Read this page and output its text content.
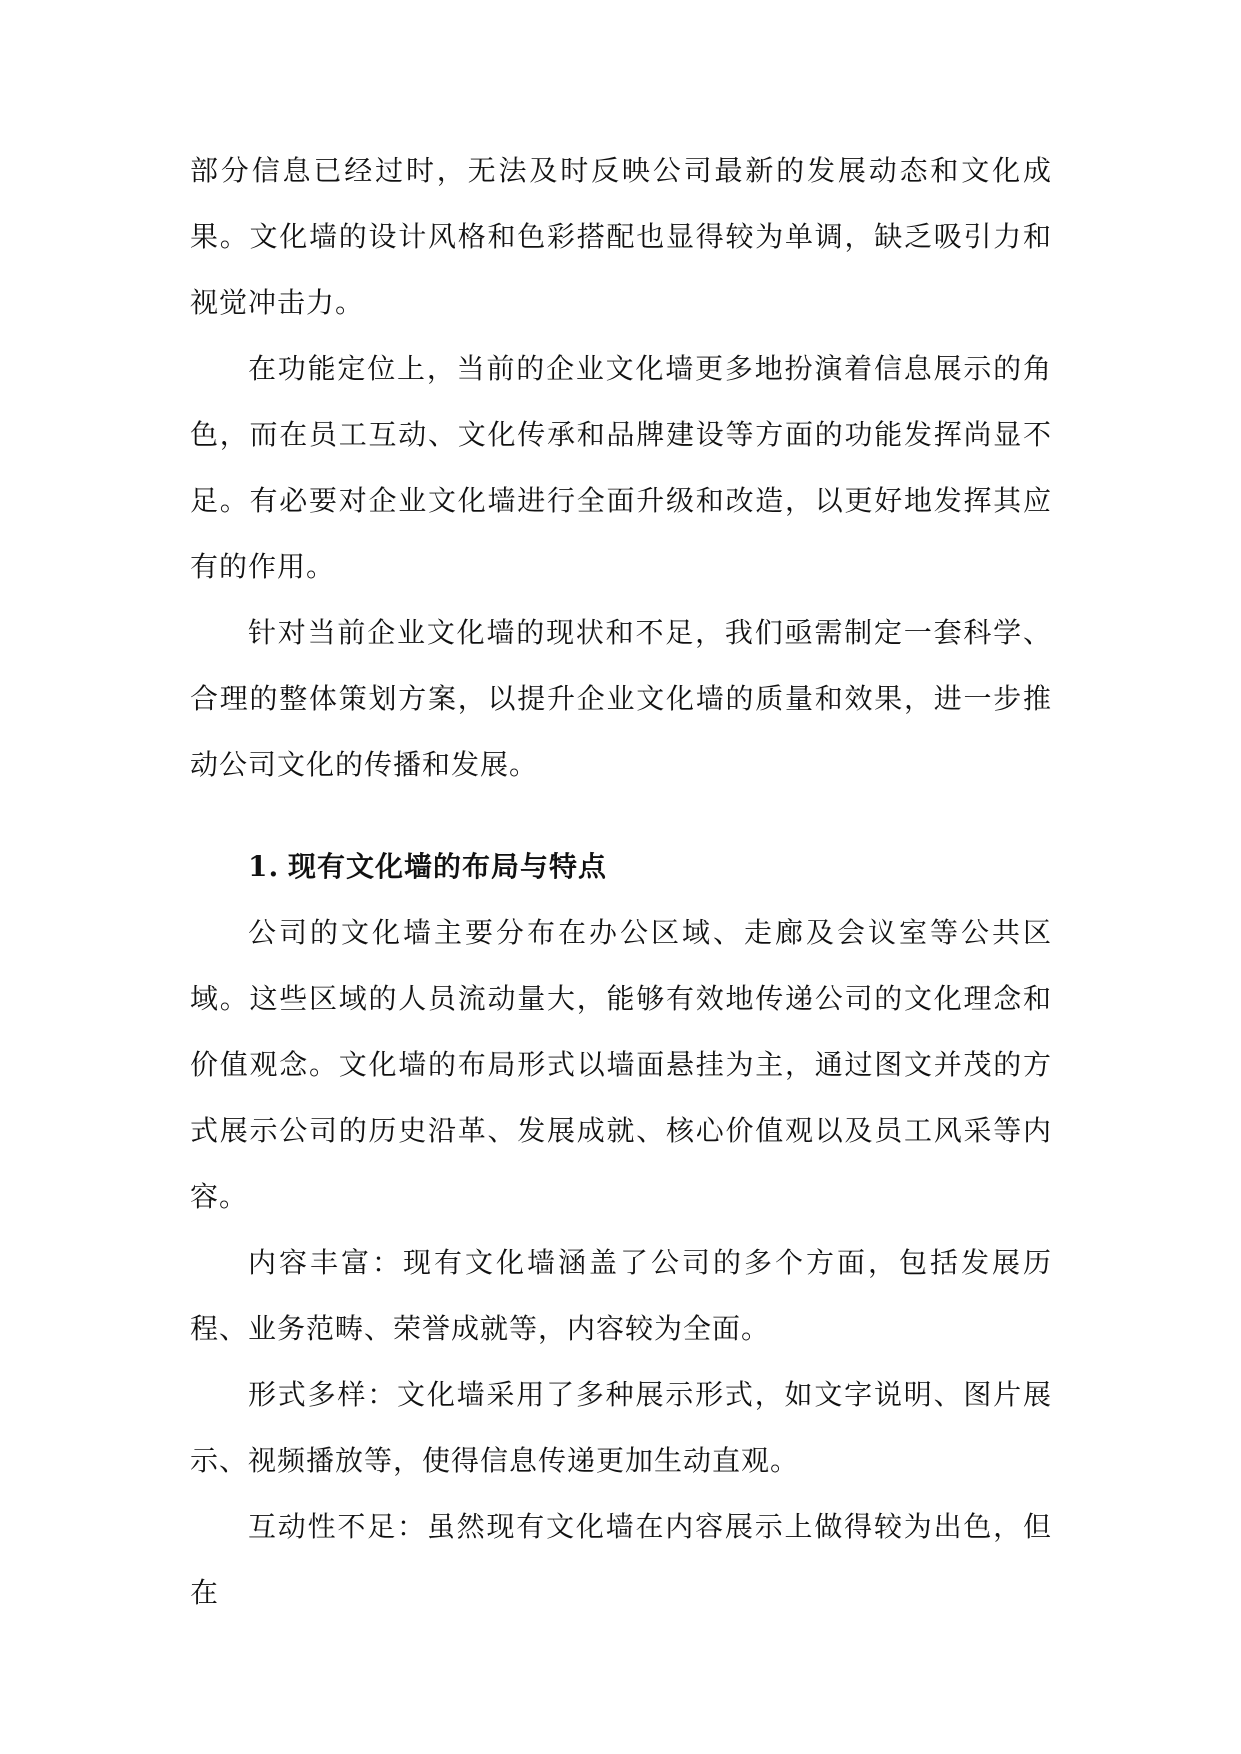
部分信息已经过时，无法及时反映公司最新的发展动态和文化成果。文化墙的设计风格和色彩搭配也显得较为单调，缺乏吸引力和视觉冲击力。

在功能定位上，当前的企业文化墙更多地扮演着信息展示的角色，而在员工互动、文化传承和品牌建设等方面的功能发挥尚显不足。有必要对企业文化墙进行全面升级和改造，以更好地发挥其应有的作用。

针对当前企业文化墙的现状和不足，我们亟需制定一套科学、合理的整体策划方案，以提升企业文化墙的质量和效果，进一步推动公司文化的传播和发展。

1. 现有文化墙的布局与特点

公司的文化墙主要分布在办公区域、走廊及会议室等公共区域。这些区域的人员流动量大，能够有效地传递公司的文化理念和价值观念。文化墙的布局形式以墙面悬挂为主，通过图文并茂的方式展示公司的历史沿革、发展成就、核心价值观以及员工风采等内容。

内容丰富：现有文化墙涵盖了公司的多个方面，包括发展历程、业务范畴、荣誉成就等，内容较为全面。

形式多样：文化墙采用了多种展示形式，如文字说明、图片展示、视频播放等，使得信息传递更加生动直观。

互动性不足：虽然现有文化墙在内容展示上做得较为出色，但在
